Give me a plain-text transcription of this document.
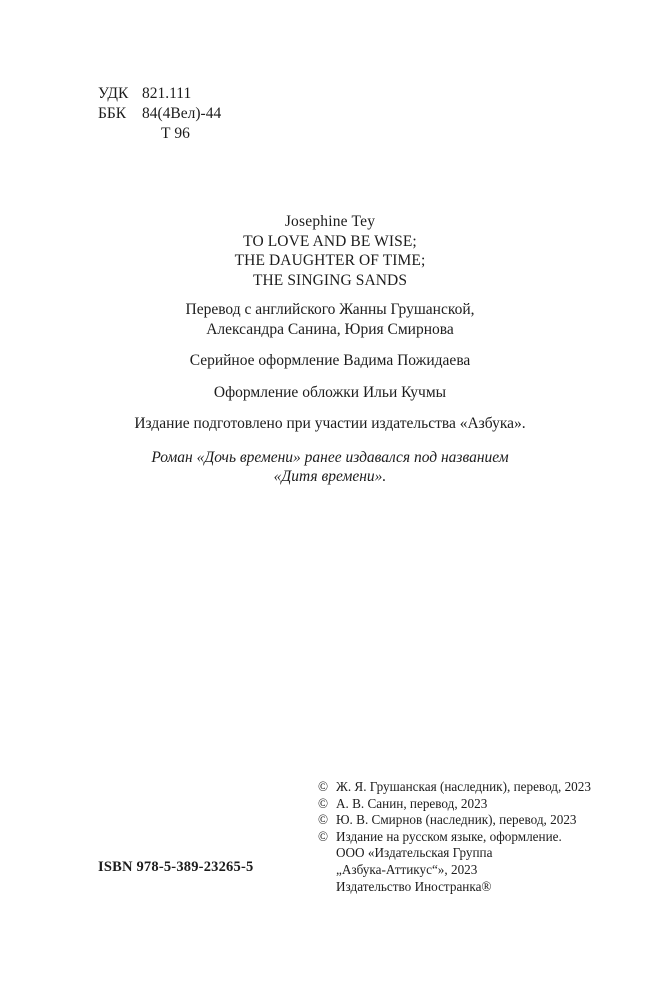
УДК 821.111
ББК	84(4Вел)-44
Т 96

Josephine Tey

TO LOVE AND BE WISE;

THE DAUGHTER OF TIME;

THE SINGING SANDS

Перевод с английского Жанны Грушанской,

Александра Санина, Юрия Смирнова

Серийное оформление Вадима Пожидаева

Оформление обложки Ильи Кучмы

Издание подготовлено при участии издательства «Азбука».

Роман «Дочь времени» ранее издавался под названием

«Дитя времени».

© Ж. Я. Грушанская (наследник), перевод, 2023
© А. В. Санин, перевод, 2023
© Ю. В. Смирнов (наследник), перевод, 2023
© Издание на русском языке, оформление.
ООО «Издательская Группа
„Азбука-Аттикус“», 2023
Издательство Иностранка®
ISBN 978-5-389-23265-5
